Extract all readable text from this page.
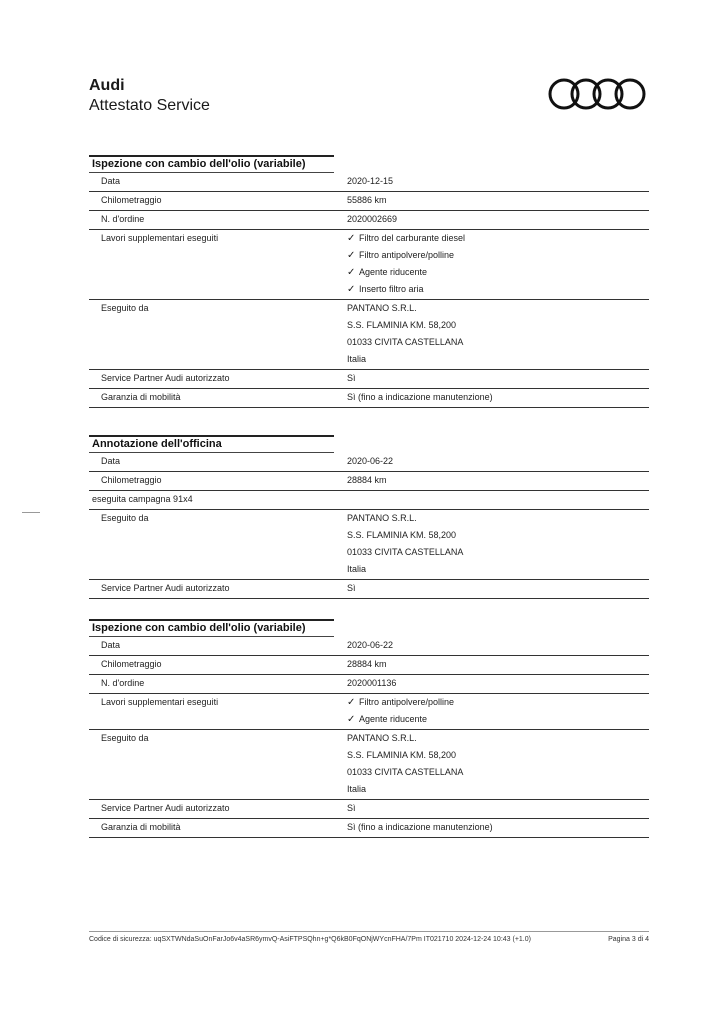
Audi
Attestato Service
Ispezione con cambio dell'olio (variabile)
Data	2020-12-15
Chilometraggio	55886 km
N. d'ordine	2020002669
Lavori supplementari eseguiti	✓ Filtro del carburante diesel
✓ Filtro antipolvere/polline
✓ Agente riducente
✓ Inserto filtro aria
Eseguito da	PANTANO S.R.L.
S.S. FLAMINIA KM. 58,200
01033 CIVITA CASTELLANA
Italia
Service Partner Audi autorizzato	Sì
Garanzia di mobilità	Sì (fino a indicazione manutenzione)
Annotazione dell'officina
Data	2020-06-22
Chilometraggio	28884 km
eseguita campagna 91x4
Eseguito da	PANTANO S.R.L.
S.S. FLAMINIA KM. 58,200
01033 CIVITA CASTELLANA
Italia
Service Partner Audi autorizzato	Sì
Ispezione con cambio dell'olio (variabile)
Data	2020-06-22
Chilometraggio	28884 km
N. d'ordine	2020001136
Lavori supplementari eseguiti	✓ Filtro antipolvere/polline
✓ Agente riducente
Eseguito da	PANTANO S.R.L.
S.S. FLAMINIA KM. 58,200
01033 CIVITA CASTELLANA
Italia
Service Partner Audi autorizzato	Sì
Garanzia di mobilità	Sì (fino a indicazione manutenzione)
Codice di sicurezza: uqSXTWNdaSuOnFarJo6v4aSR6ymvQ-AsiFTPSQhn+g*Q6kB0FqONjWYcnFHA/7Pm IT021710 2024-12-24 10:43 (+1.0)	Pagina 3 di 4
